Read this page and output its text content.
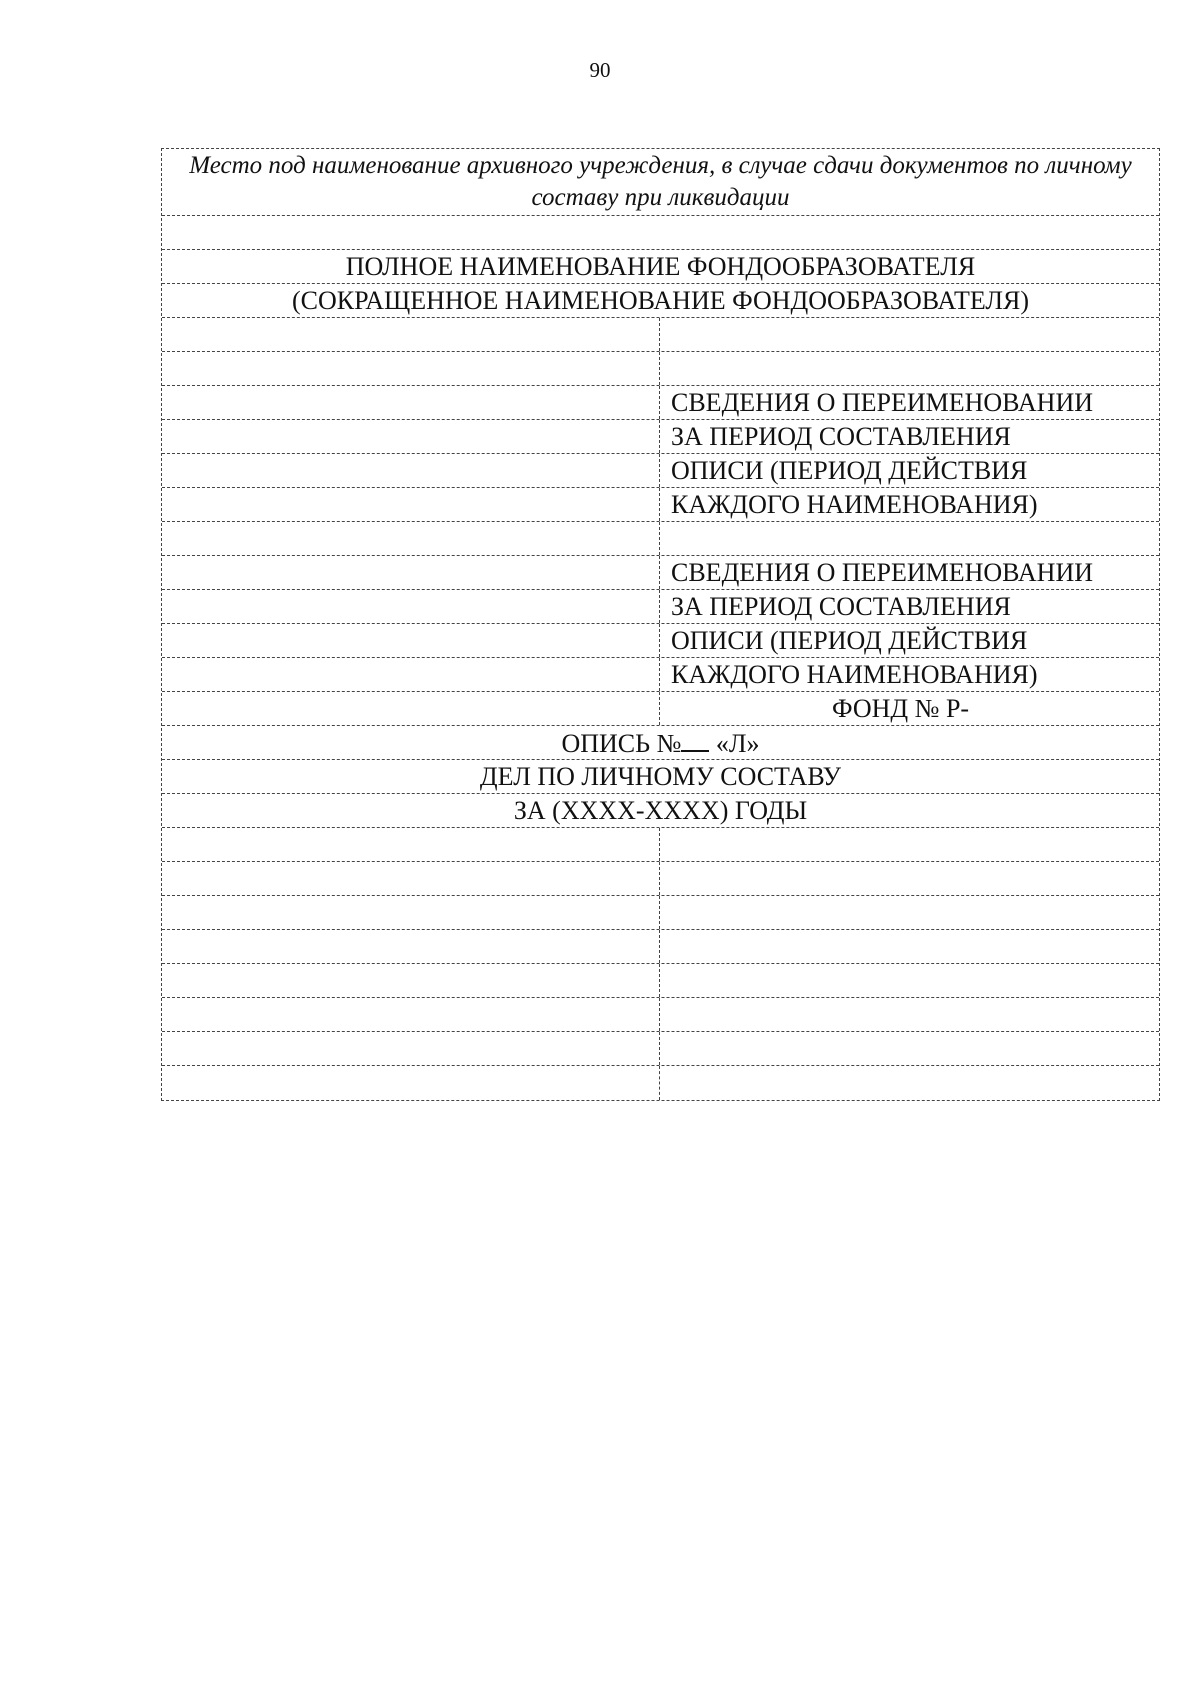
90
Место под наименование архивного учреждения, в случае сдачи документов по личному составу при ликвидации
ПОЛНОЕ НАИМЕНОВАНИЕ ФОНДООБРАЗОВАТЕЛЯ
(СОКРАЩЕННОЕ НАИМЕНОВАНИЕ ФОНДООБРАЗОВАТЕЛЯ)
СВЕДЕНИЯ О ПЕРЕИМЕНОВАНИИ
ЗА ПЕРИОД СОСТАВЛЕНИЯ
ОПИСИ (ПЕРИОД ДЕЙСТВИЯ
КАЖДОГО НАИМЕНОВАНИЯ)
СВЕДЕНИЯ О ПЕРЕИМЕНОВАНИИ
ЗА ПЕРИОД СОСТАВЛЕНИЯ
ОПИСИ (ПЕРИОД ДЕЙСТВИЯ
КАЖДОГО НАИМЕНОВАНИЯ)
ФОНД № Р-
ОПИСЬ № «Л»
ДЕЛ ПО ЛИЧНОМУ СОСТАВУ
ЗА (ХХХХ-ХХХХ) ГОДЫ
